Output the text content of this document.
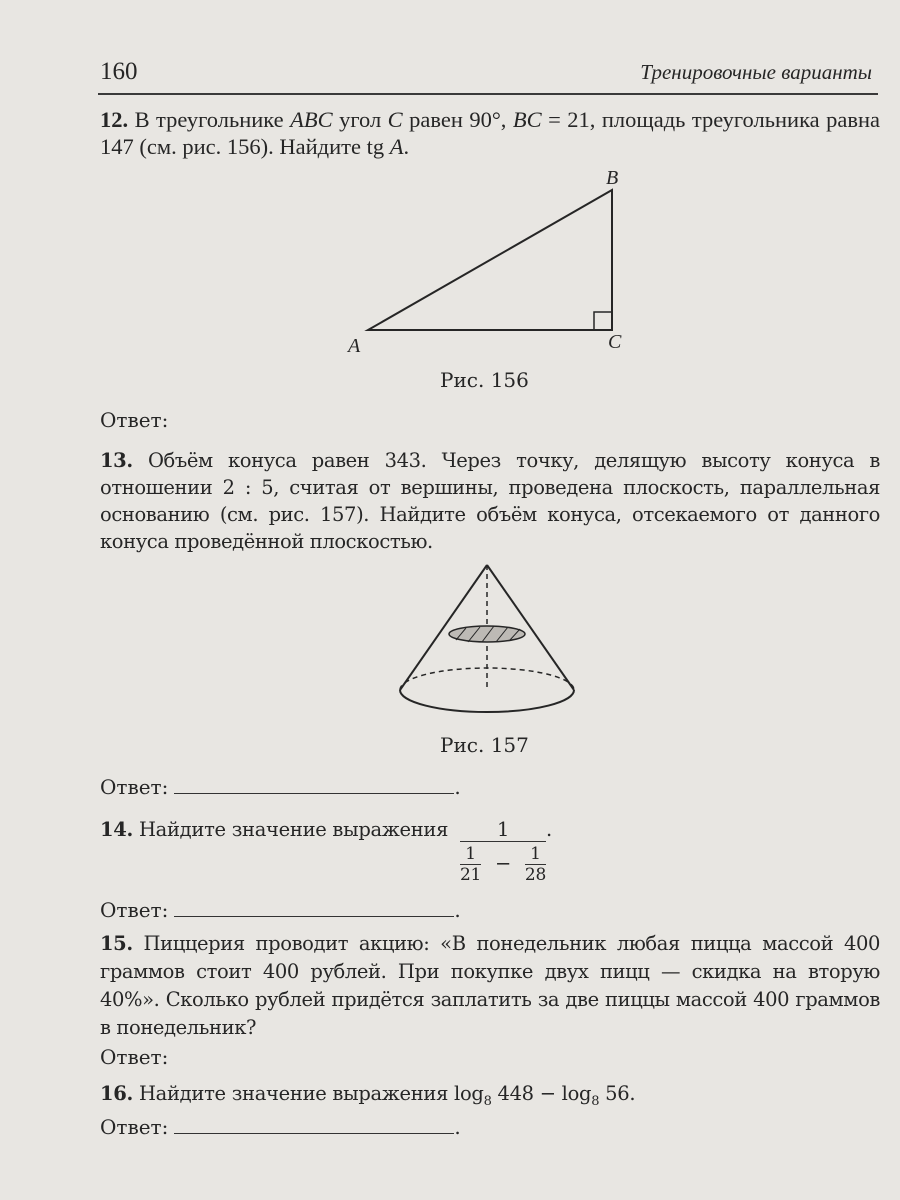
160	Тренировочные варианты
12. В треугольнике ABC угол C равен 90°, BC = 21, площадь треугольника равна 147 (см. рис. 156). Найдите tg A.
A
B
C
Рис. 156
Ответ:
13. Объём конуса равен 343. Через точку, делящую высоту конуса в отношении 2 : 5, считая от вершины, проведена плоскость, параллельная основанию (см. рис. 157). Найдите объём конуса, отсекаемого от данного конуса проведённой плоскостью.
Рис. 157
Ответ:	.
14. Найдите значение выражения $\frac{1}{\frac{1}{21} - \frac{1}{28}}$ .
Ответ:	.
15. Пиццерия проводит акцию: «В понедельник любая пицца массой 400 граммов стоит 400 рублей. При покупке двух пицц — скидка на вторую 40%». Сколько рублей придётся заплатить за две пиццы массой 400 граммов в понедельник?
Ответ:
16. Найдите значение выражения $\log_8 448 - \log_8 56$.
Ответ:	.
